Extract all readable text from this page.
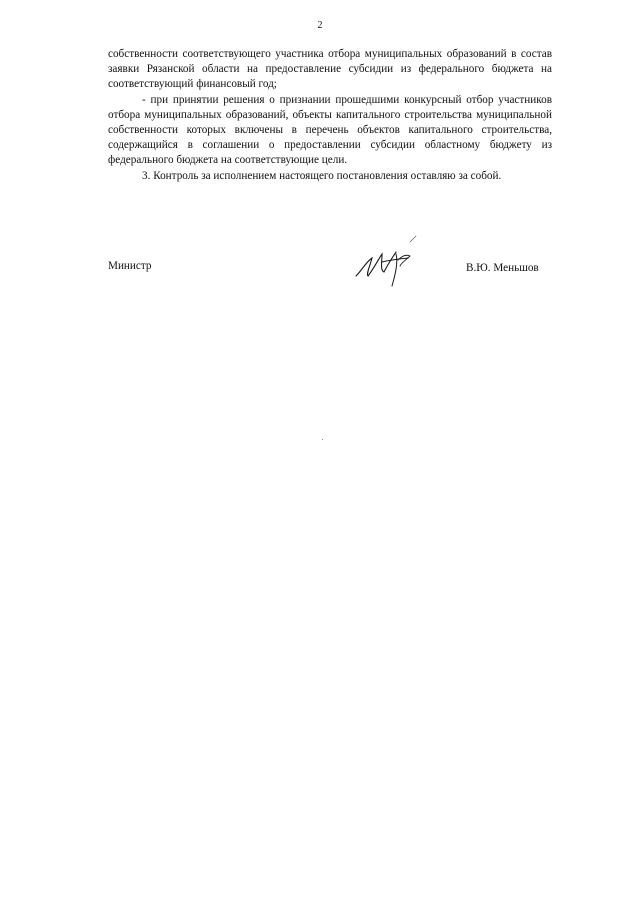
2

собственности соответствующего участника отбора муниципальных образований в состав заявки Рязанской области на предоставление субсидии из федерального бюджета на соответствующий финансовый год;

- при принятии решения о признании прошедшими конкурсный отбор участников отбора муниципальных образований, объекты капитального строительства муниципальной собственности которых включены в перечень объектов капитального строительства, содержащийся в соглашении о предоставлении субсидии областному бюджету из федерального бюджета на соответствующие цели.

3. Контроль за исполнением настоящего постановления оставляю за собой.

Министр	В.Ю. Меньшов
